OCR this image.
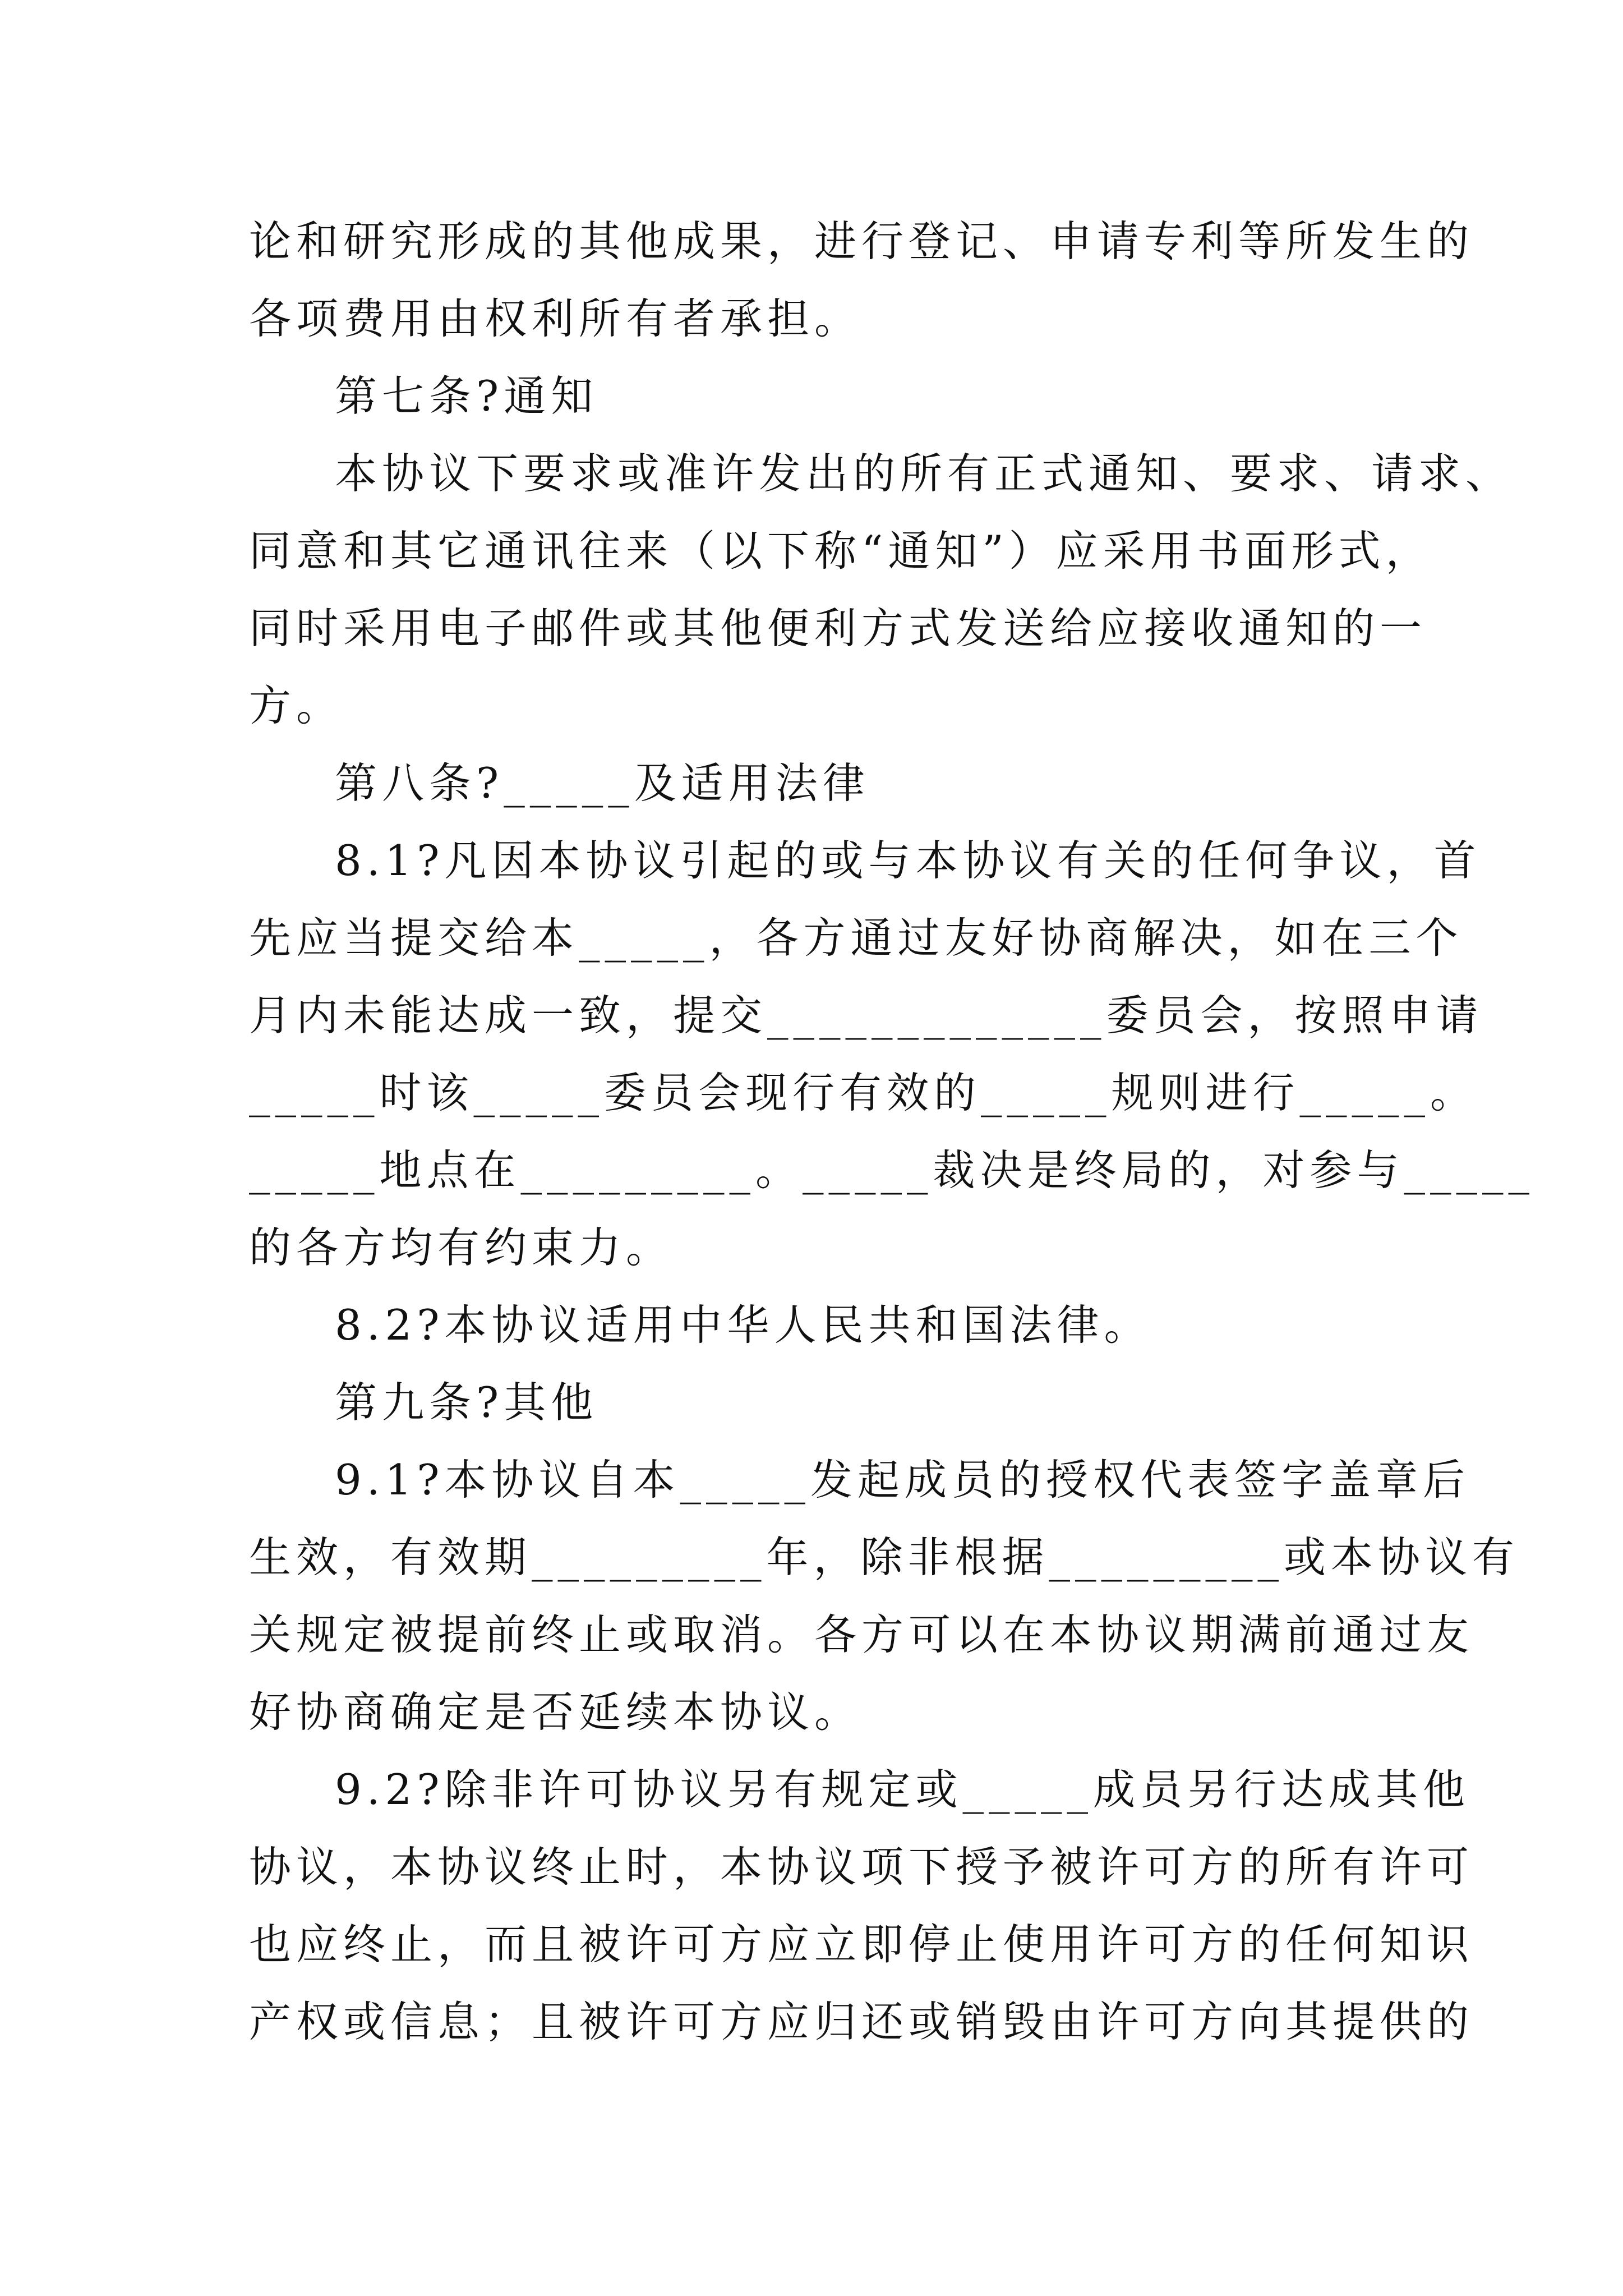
论和研究形成的其他成果，进行登记、申请专利等所发生的
各项费用由权利所有者承担。
第七条?通知
本协议下要求或准许发出的所有正式通知、要求、请求、
同意和其它通讯往来（以下称“通知”）应采用书面形式，
同时采用电子邮件或其他便利方式发送给应接收通知的一
方。
第八条?_____及适用法律
8.1?凡因本协议引起的或与本协议有关的任何争议，首
先应当提交给本_____，各方通过友好协商解决，如在三个
月内未能达成一致，提交_____________委员会，按照申请
_____时该_____委员会现行有效的_____规则进行_____。
_____地点在_________。_____裁决是终局的，对参与_____
的各方均有约束力。
8.2?本协议适用中华人民共和国法律。
第九条?其他
9.1?本协议自本_____发起成员的授权代表签字盖章后
生效，有效期_________年，除非根据_________或本协议有
关规定被提前终止或取消。各方可以在本协议期满前通过友
好协商确定是否延续本协议。
9.2?除非许可协议另有规定或_____成员另行达成其他
协议，本协议终止时，本协议项下授予被许可方的所有许可
也应终止，而且被许可方应立即停止使用许可方的任何知识
产权或信息；且被许可方应归还或销毁由许可方向其提供的
